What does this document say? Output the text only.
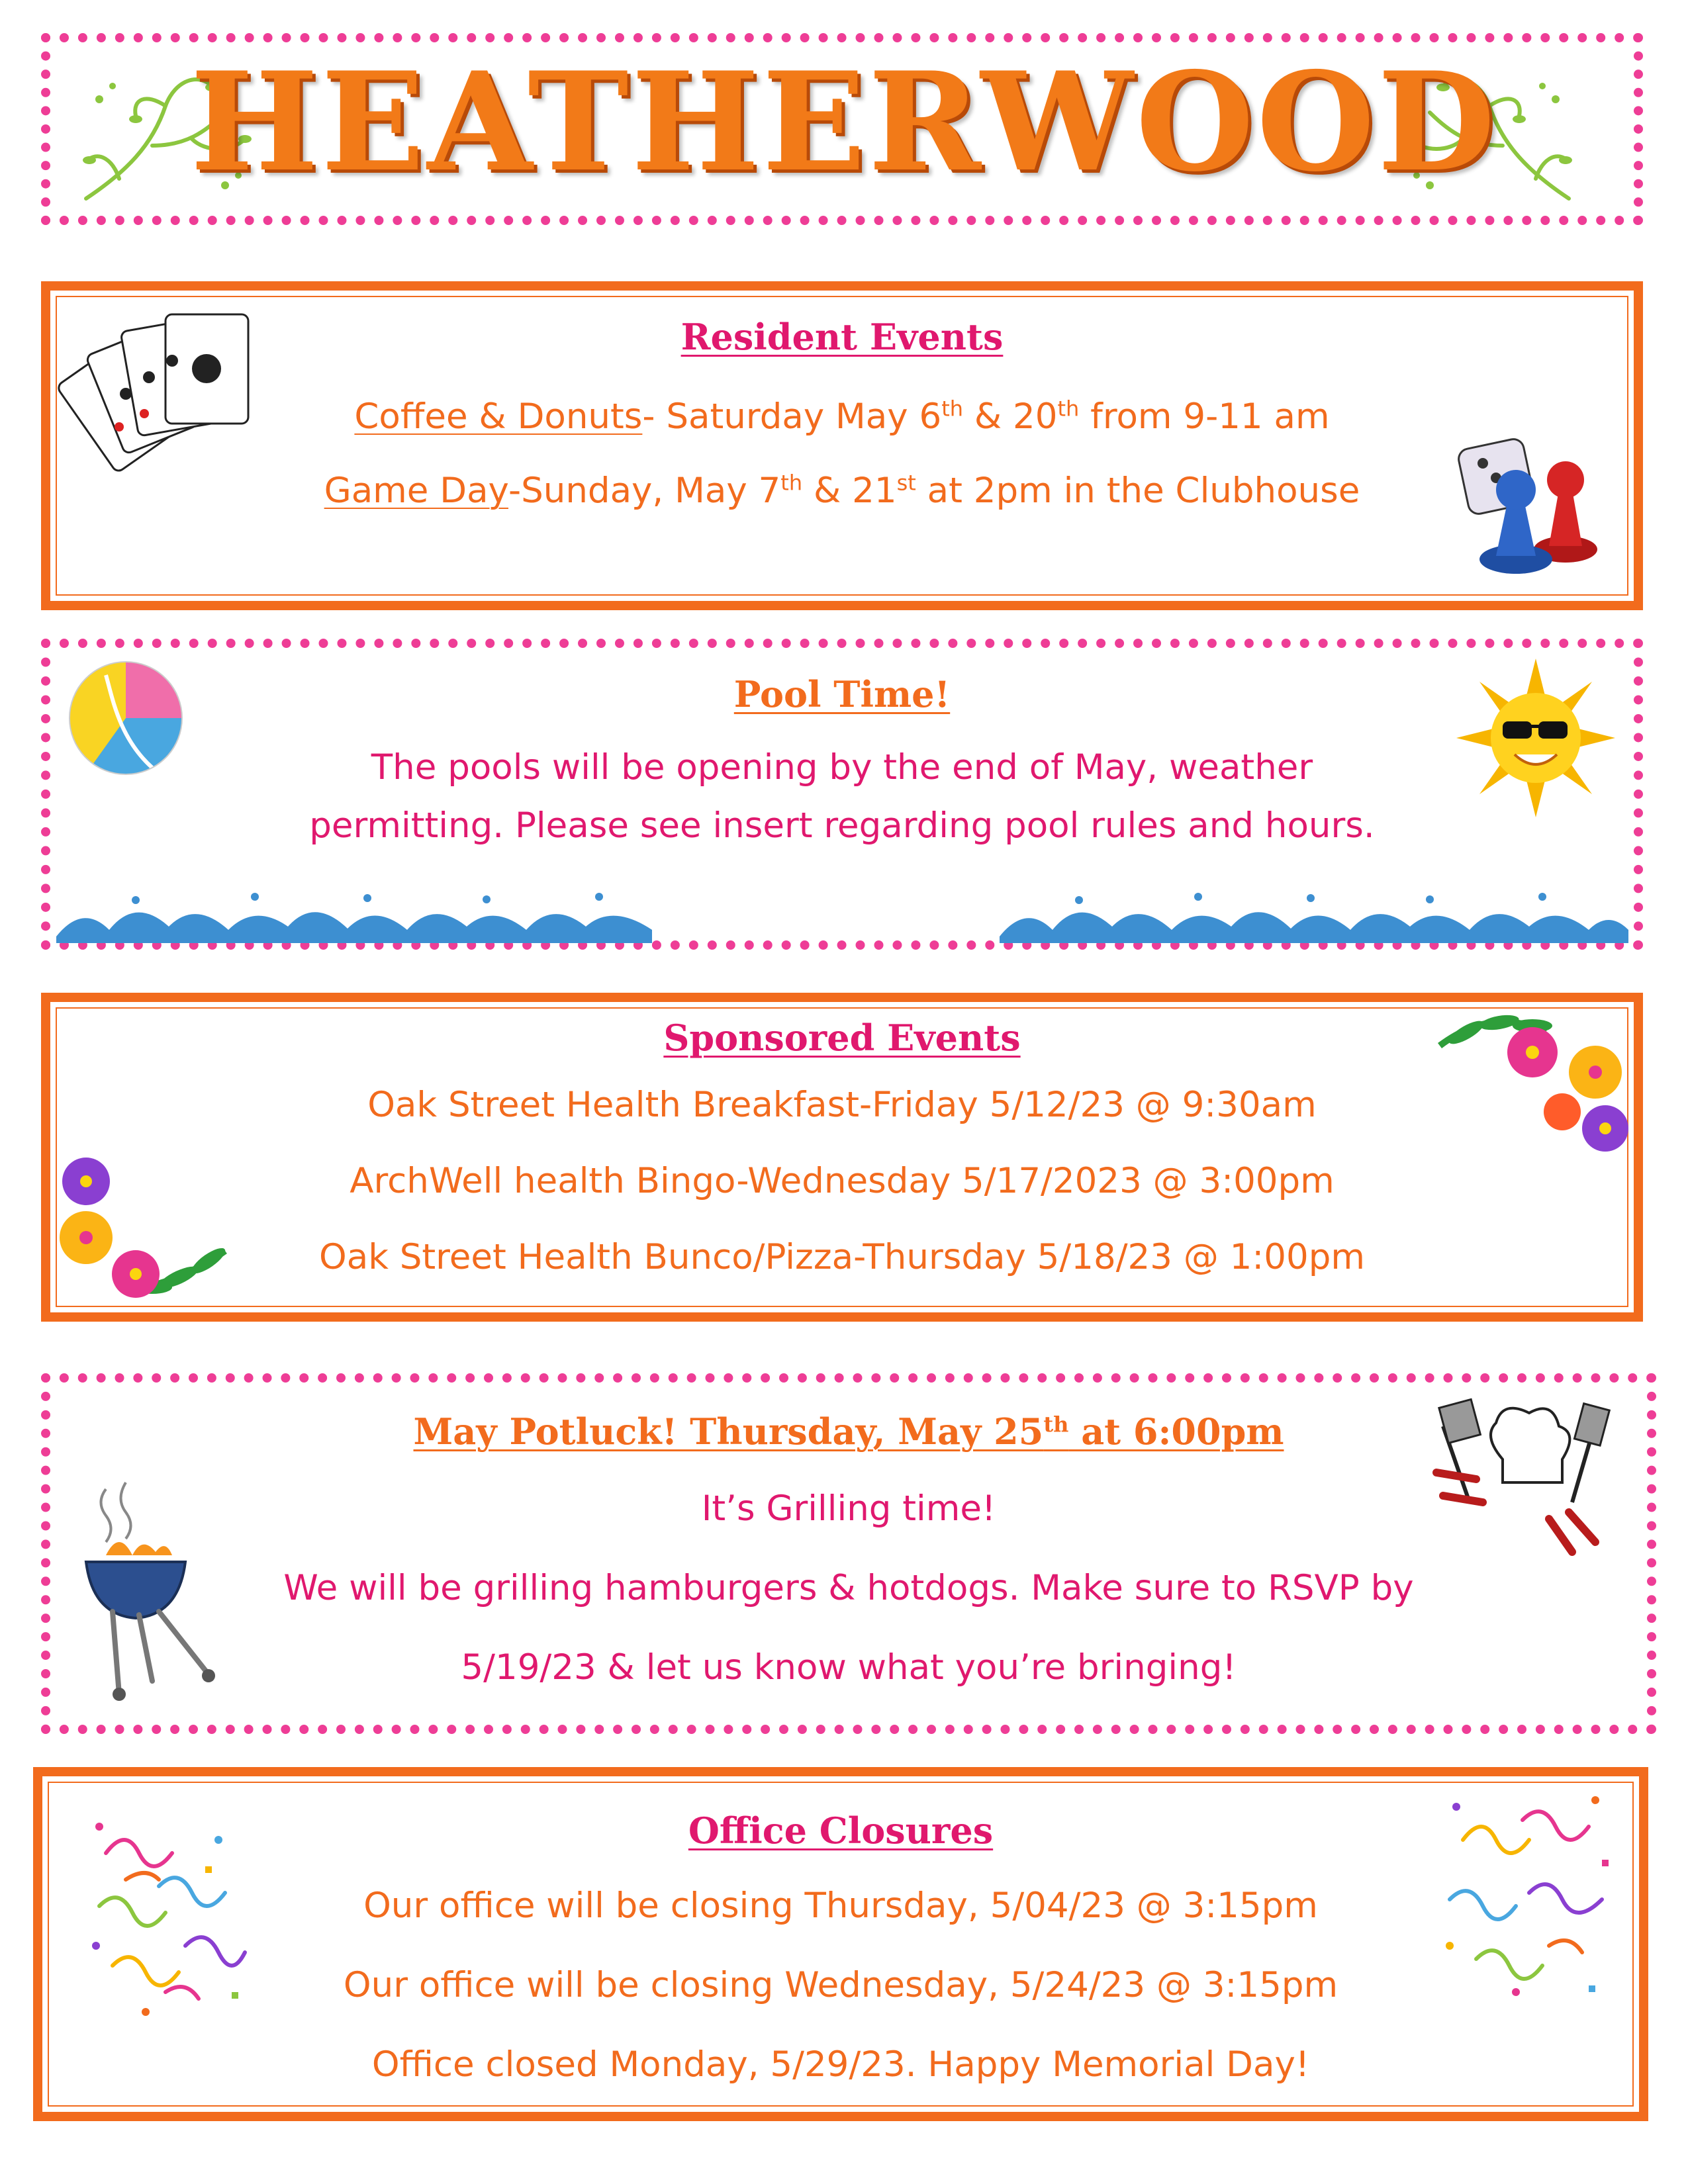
HEATHERWOOD
Resident Events
Coffee & Donuts- Saturday May 6th & 20th from 9-11 am
Game Day-Sunday, May 7th & 21st at 2pm in the Clubhouse
Pool Time!
The pools will be opening by the end of May, weather
permitting. Please see insert regarding pool rules and hours.
Sponsored Events
Oak Street Health Breakfast-Friday 5/12/23 @ 9:30am
ArchWell health Bingo-Wednesday 5/17/2023 @ 3:00pm
Oak Street Health Bunco/Pizza-Thursday 5/18/23 @ 1:00pm
May Potluck! Thursday, May 25th at 6:00pm
It’s Grilling time!
We will be grilling hamburgers & hotdogs. Make sure to RSVP by
5/19/23 & let us know what you’re bringing!
Office Closures
Our office will be closing Thursday, 5/04/23 @ 3:15pm
Our office will be closing Wednesday, 5/24/23 @ 3:15pm
Office closed Monday, 5/29/23. Happy Memorial Day!
